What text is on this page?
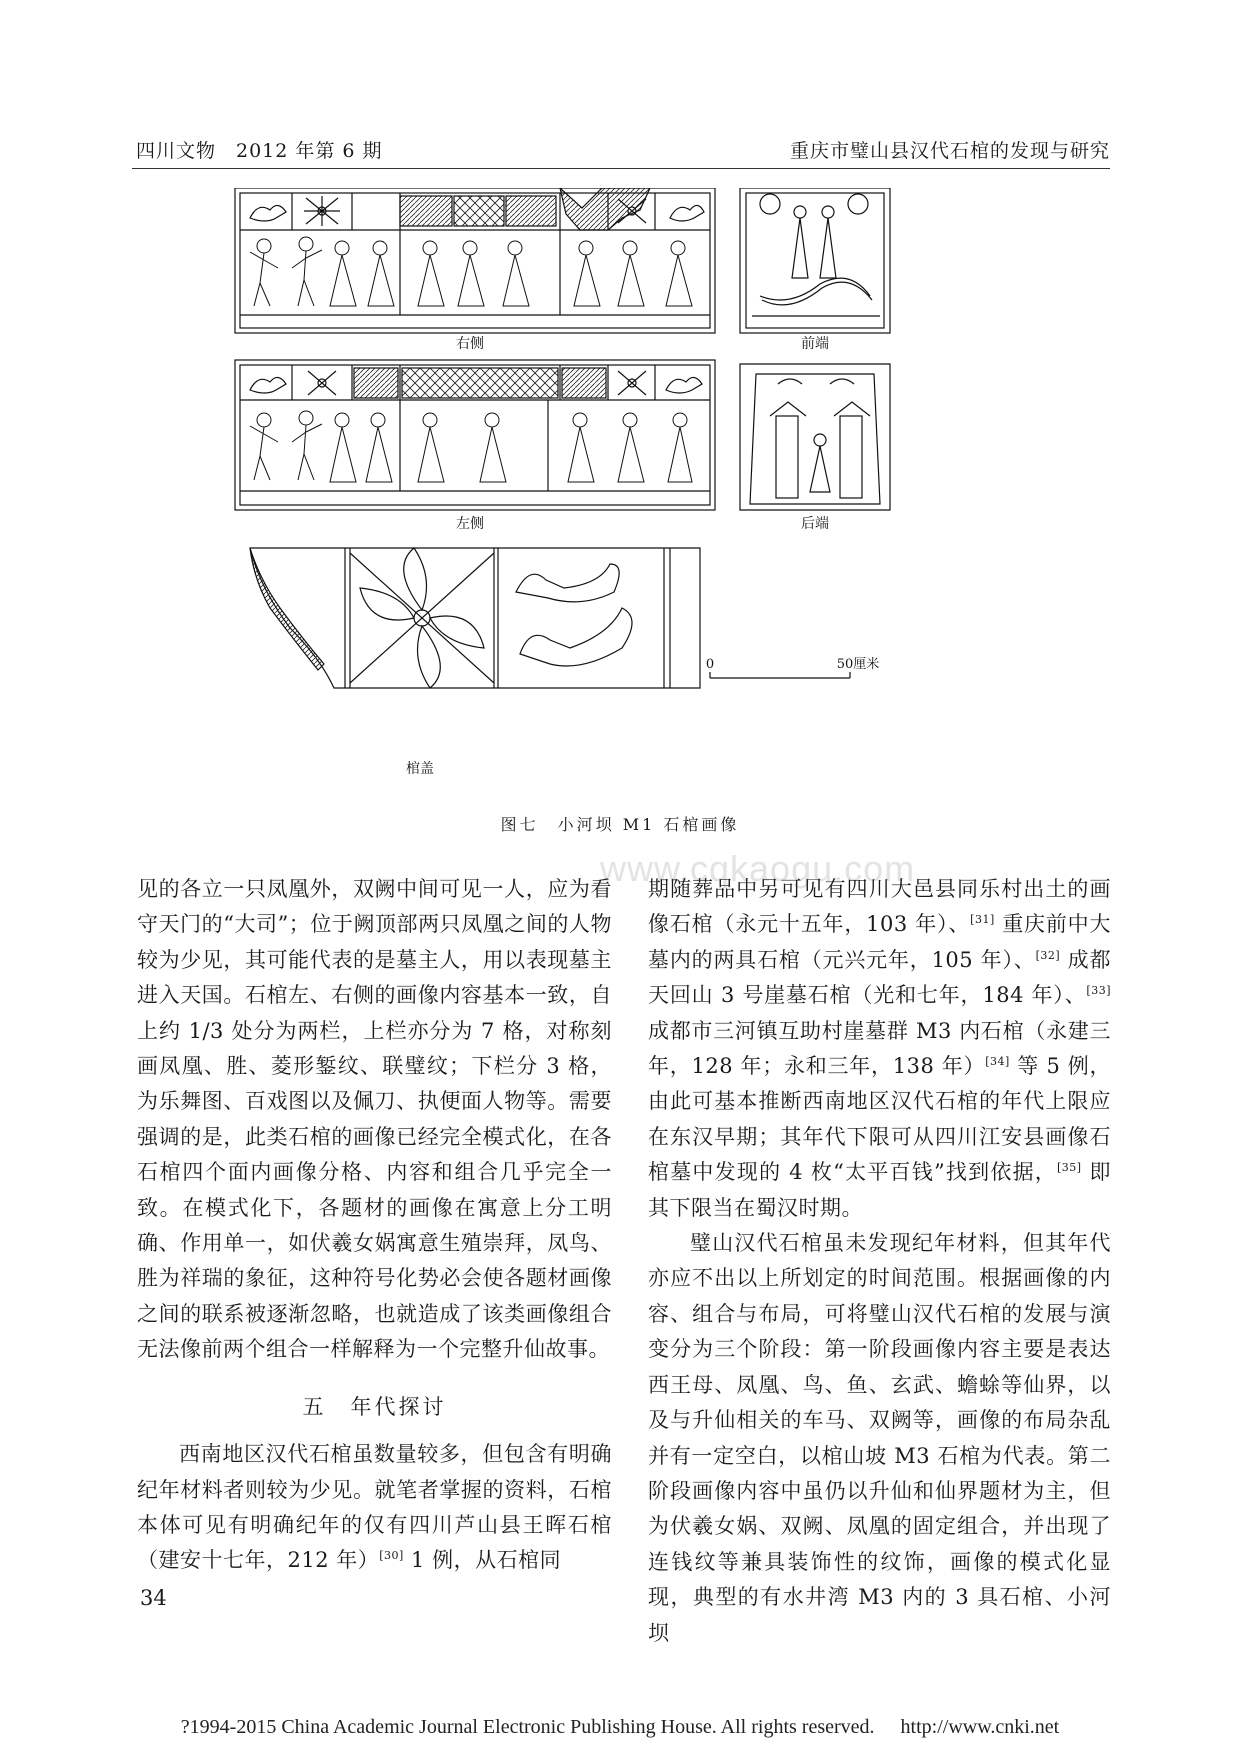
四川文物　2012 年第 6 期	重庆市璧山县汉代石棺的发现与研究
右侧	前端
左侧	后端
棺盖
0	50厘米
图七　小河坝 M1 石棺画像
www.cqkaogu.com

见的各立一只凤凰外，双阙中间可见一人，应为看守天门的“大司”；位于阙顶部两只凤凰之间的人物较为少见，其可能代表的是墓主人，用以表现墓主进入天国。石棺左、右侧的画像内容基本一致，自上约 1/3 处分为两栏，上栏亦分为 7 格，对称刻画凤凰、胜、菱形錾纹、联璧纹；下栏分 3 格，为乐舞图、百戏图以及佩刀、执便面人物等。需要强调的是，此类石棺的画像已经完全模式化，在各石棺四个面内画像分格、内容和组合几乎完全一致。在模式化下，各题材的画像在寓意上分工明确、作用单一，如伏羲女娲寓意生殖崇拜，凤鸟、胜为祥瑞的象征，这种符号化势必会使各题材画像之间的联系被逐渐忽略，也就造成了该类画像组合无法像前两个组合一样解释为一个完整升仙故事。

五　年代探讨

西南地区汉代石棺虽数量较多，但包含有明确纪年材料者则较为少见。就笔者掌握的资料，石棺本体可见有明确纪年的仅有四川芦山县王晖石棺（建安十七年，212 年）[30] 1 例，从石棺同

期随葬品中另可见有四川大邑县同乐村出土的画像石棺（永元十五年，103 年）、[31] 重庆前中大墓内的两具石棺（元兴元年，105 年）、[32] 成都天回山 3 号崖墓石棺（光和七年，184 年）、[33] 成都市三河镇互助村崖墓群 M3 内石棺（永建三年，128 年；永和三年，138 年）[34] 等 5 例，由此可基本推断西南地区汉代石棺的年代上限应在东汉早期；其年代下限可从四川江安县画像石棺墓中发现的 4 枚“太平百钱”找到依据，[35] 即其下限当在蜀汉时期。

璧山汉代石棺虽未发现纪年材料，但其年代亦应不出以上所划定的时间范围。根据画像的内容、组合与布局，可将璧山汉代石棺的发展与演变分为三个阶段：第一阶段画像内容主要是表达西王母、凤凰、鸟、鱼、玄武、蟾蜍等仙界，以及与升仙相关的车马、双阙等，画像的布局杂乱并有一定空白，以棺山坡 M3 石棺为代表。第二阶段画像内容中虽仍以升仙和仙界题材为主，但为伏羲女娲、双阙、凤凰的固定组合，并出现了连钱纹等兼具装饰性的纹饰，画像的模式化显现，典型的有水井湾 M3 内的 3 具石棺、小河坝

34
?1994-2015 China Academic Journal Electronic Publishing House. All rights reserved. http://www.cnki.net
